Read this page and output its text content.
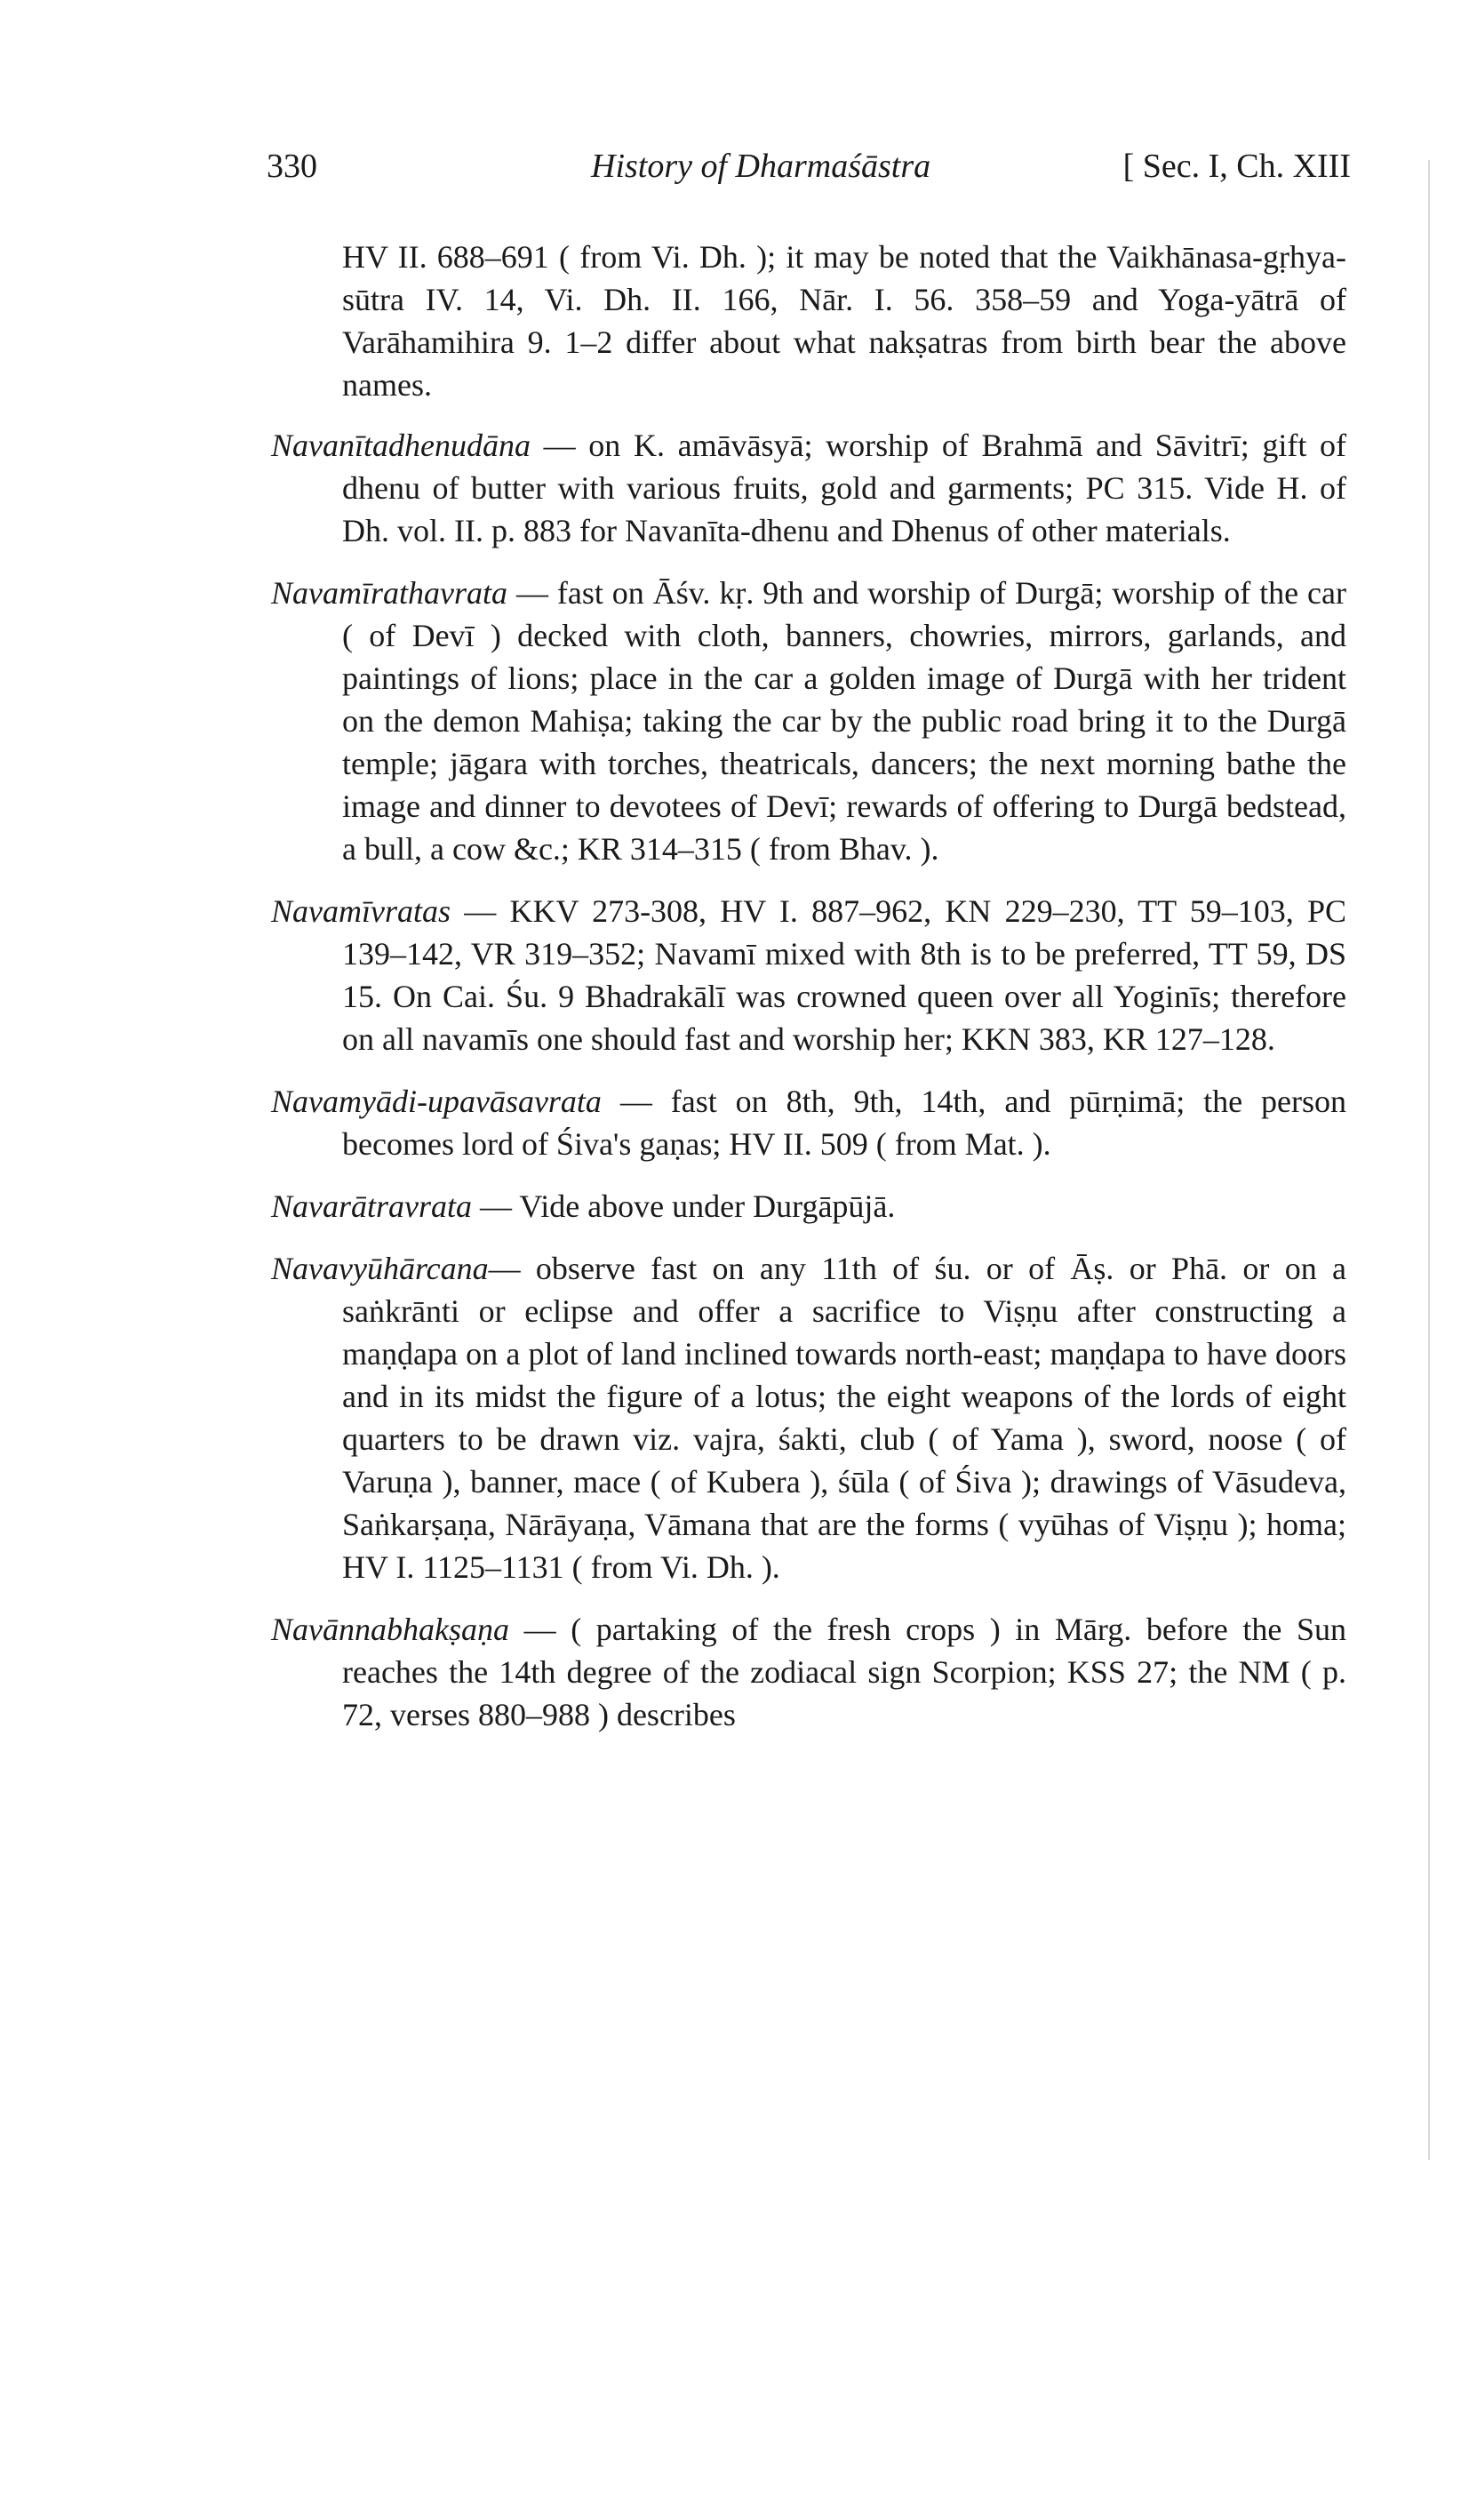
330	History of Dharmaśāstra	[ Sec. I, Ch. XIII

HV II. 688–691 ( from Vi. Dh. ); it may be noted that the Vaikhānasa-gṛhya-sūtra IV. 14, Vi. Dh. II. 166, Nār. I. 56. 358–59 and Yoga-yātrā of Varāhamihira 9. 1–2 differ about what nakṣatras from birth bear the above names.

Navanītadhenudāna — on K. amāvāsyā; worship of Brahmā and Sāvitrī; gift of dhenu of butter with various fruits, gold and garments; PC 315. Vide H. of Dh. vol. II. p. 883 for Navanīta-dhenu and Dhenus of other materials.

Navamīrathavrata — fast on Āśv. kṛ. 9th and worship of Durgā; worship of the car ( of Devī ) decked with cloth, banners, chowries, mirrors, garlands, and paintings of lions; place in the car a golden image of Durgā with her trident on the demon Mahiṣa; taking the car by the public road bring it to the Durgā temple; jāgara with torches, theatricals, dancers; the next morning bathe the image and dinner to devotees of Devī; rewards of offering to Durgā bedstead, a bull, a cow &c.; KR 314–315 ( from Bhav. ).

Navamīvratas — KKV 273-308, HV I. 887–962, KN 229–230, TT 59–103, PC 139–142, VR 319–352; Navamī mixed with 8th is to be preferred, TT 59, DS 15. On Cai. Śu. 9 Bhadrakālī was crowned queen over all Yoginīs; therefore on all navamīs one should fast and worship her; KKN 383, KR 127–128.

Navamyādi-upavāsavrata — fast on 8th, 9th, 14th, and pūrṇimā; the person becomes lord of Śiva's gaṇas; HV II. 509 ( from Mat. ).

Navarātravrata — Vide above under Durgāpūjā.

Navavyūhārcana— observe fast on any 11th of śu. or of Āṣ. or Phā. or on a saṅkrānti or eclipse and offer a sacrifice to Viṣṇu after constructing a maṇḍapa on a plot of land inclined towards north-east; maṇḍapa to have doors and in its midst the figure of a lotus; the eight weapons of the lords of eight quarters to be drawn viz. vajra, śakti, club ( of Yama ), sword, noose ( of Varuṇa ), banner, mace ( of Kubera ), śūla ( of Śiva ); drawings of Vāsudeva, Saṅkarṣaṇa, Nārāyaṇa, Vāmana that are the forms ( vyūhas of Viṣṇu ); homa; HV I. 1125–1131 ( from Vi. Dh. ).

Navānnabhakṣaṇa — ( partaking of the fresh crops ) in Mārg. before the Sun reaches the 14th degree of the zodiacal sign Scorpion; KSS 27; the NM ( p. 72, verses 880–988 ) describes
